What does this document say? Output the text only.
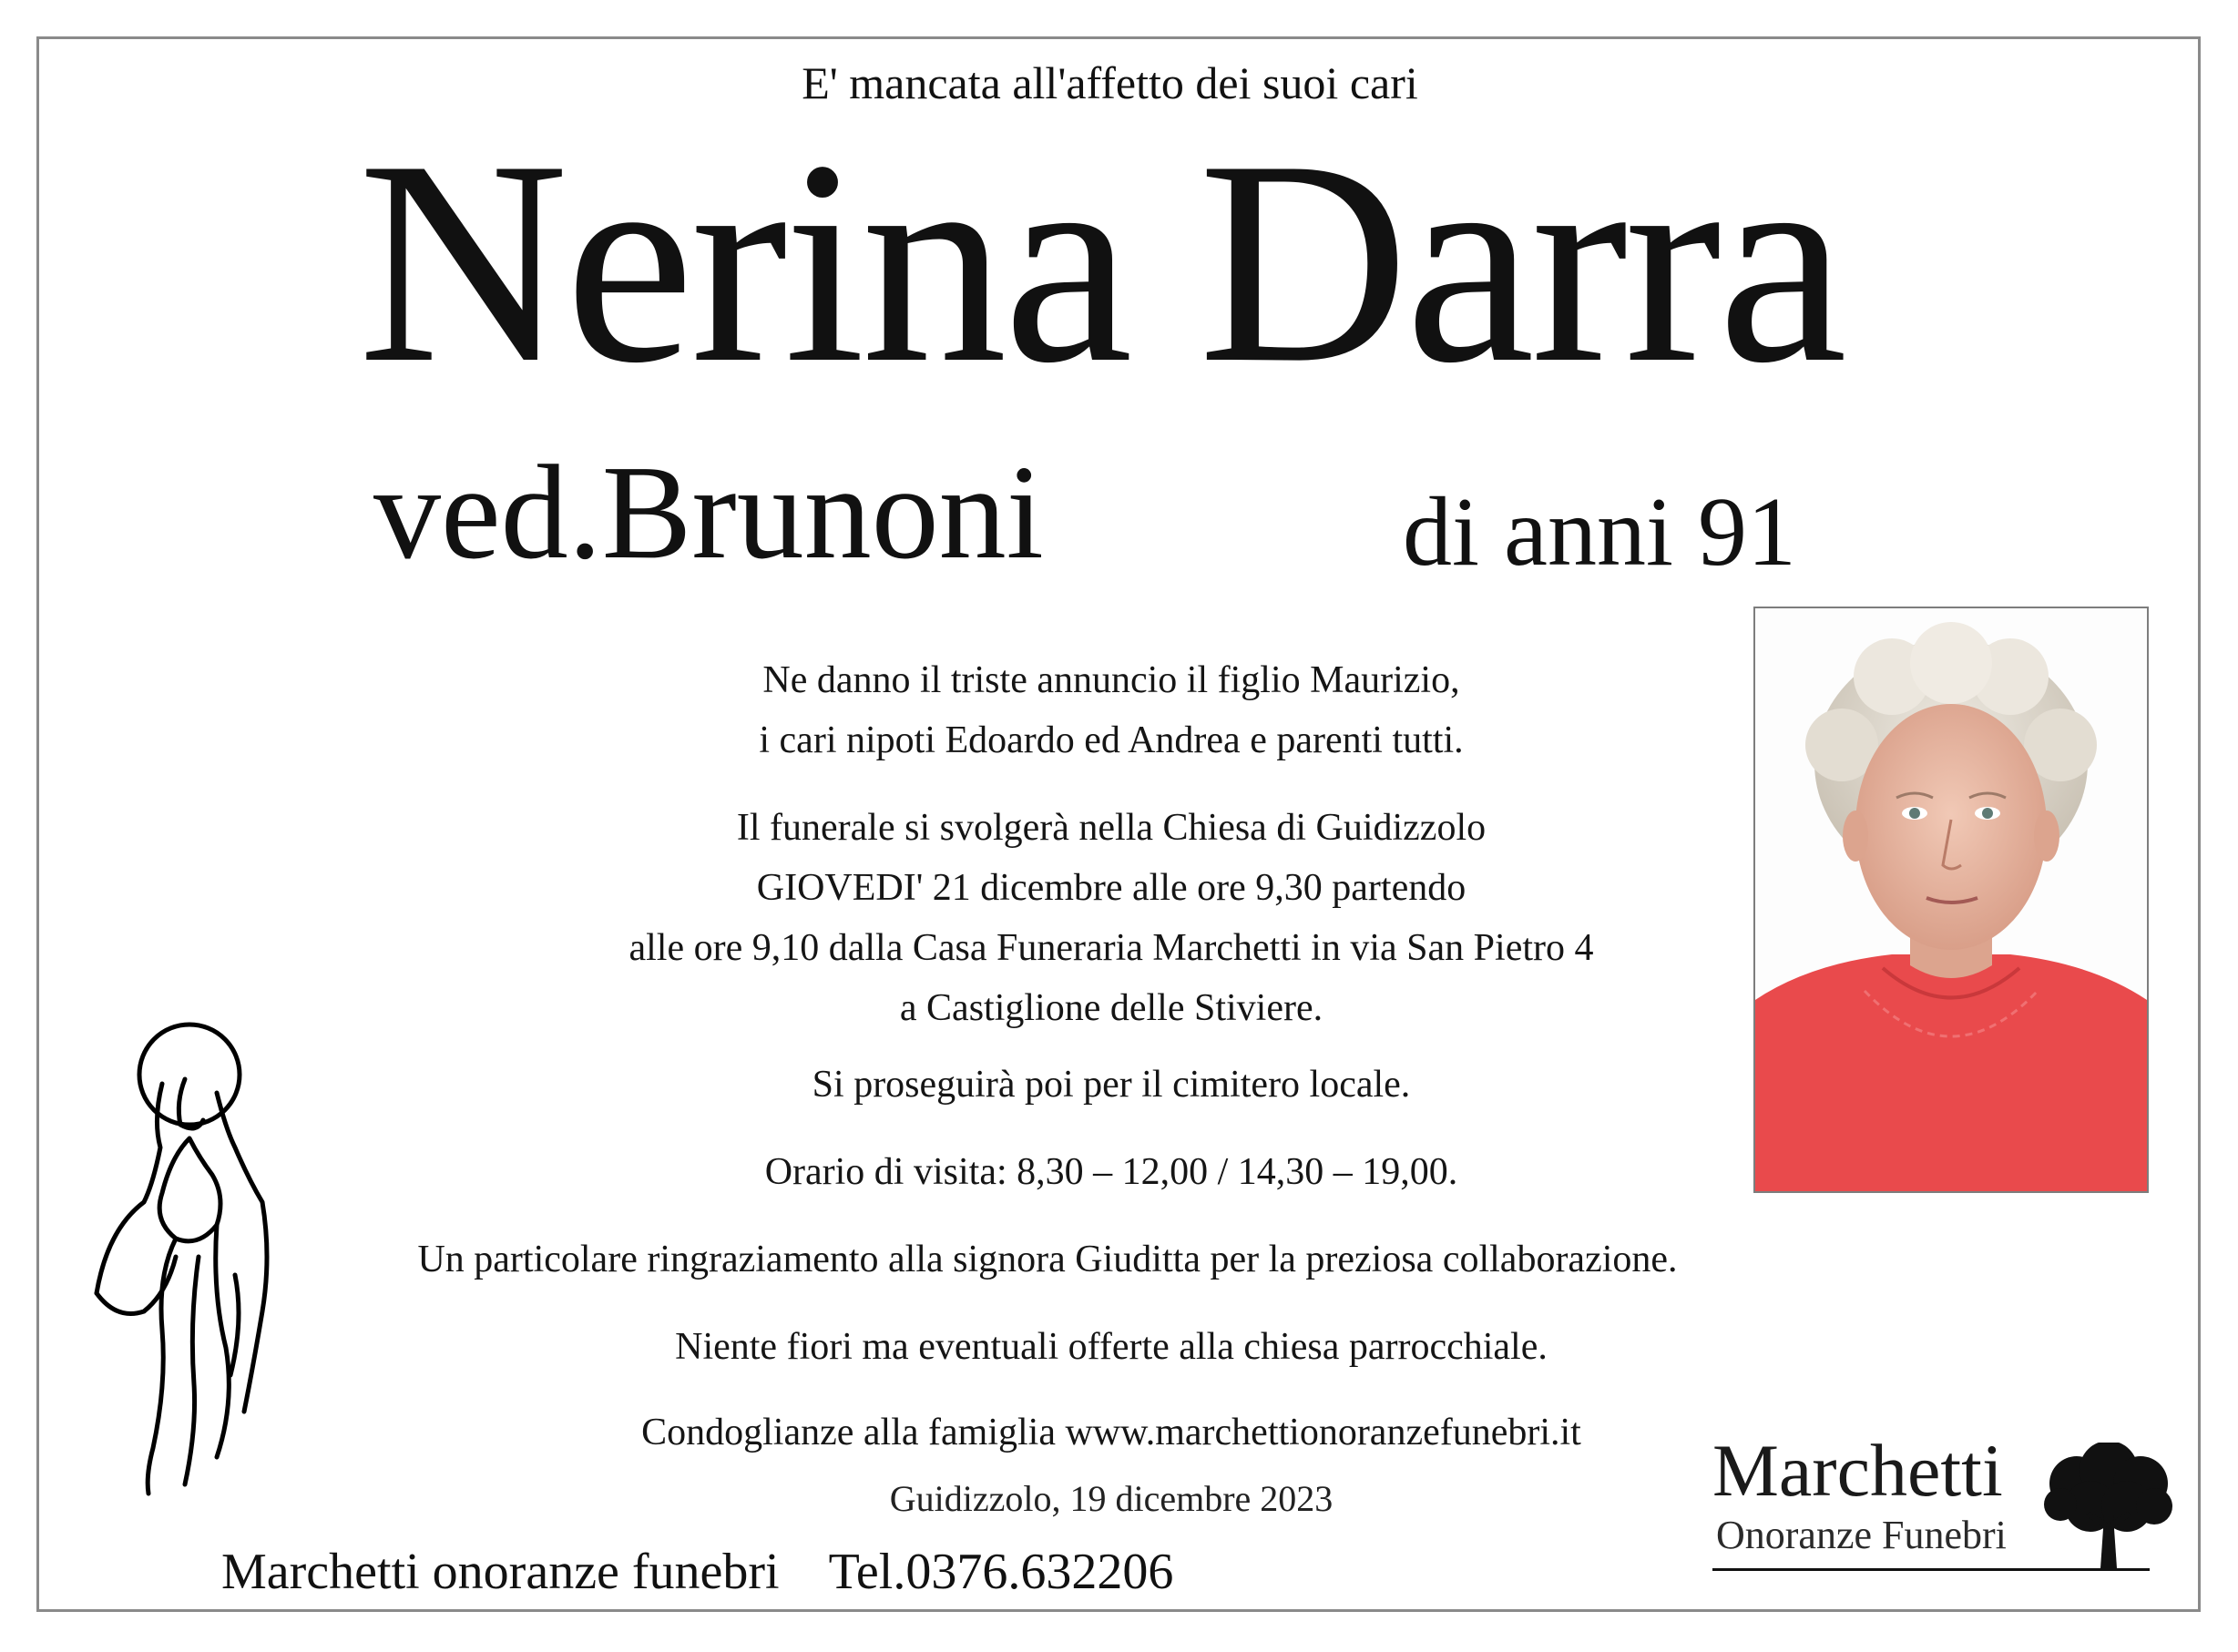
E' mancata all'affetto dei suoi cari
Nerina Darra
ved.Brunoni	di anni 91
Ne danno il triste annuncio il figlio Maurizio,
i cari nipoti Edoardo ed Andrea e parenti tutti.
Il funerale si svolgerà nella Chiesa di Guidizzolo
GIOVEDI' 21 dicembre alle ore 9,30 partendo
alle ore 9,10 dalla Casa Funeraria Marchetti in via San Pietro 4
a Castiglione delle Stiviere.
Si proseguirà poi per il cimitero locale.
Orario di visita: 8,30 – 12,00 / 14,30 – 19,00.
Un particolare ringraziamento alla signora Giuditta per la preziosa collaborazione.
Niente fiori ma eventuali offerte alla chiesa parrocchiale.
Condoglianze alla famiglia www.marchettionoranzefunebri.it
Guidizzolo, 19 dicembre 2023
Marchetti onoranze funebri Tel.0376.632206
Marchetti
Onoranze Funebri
